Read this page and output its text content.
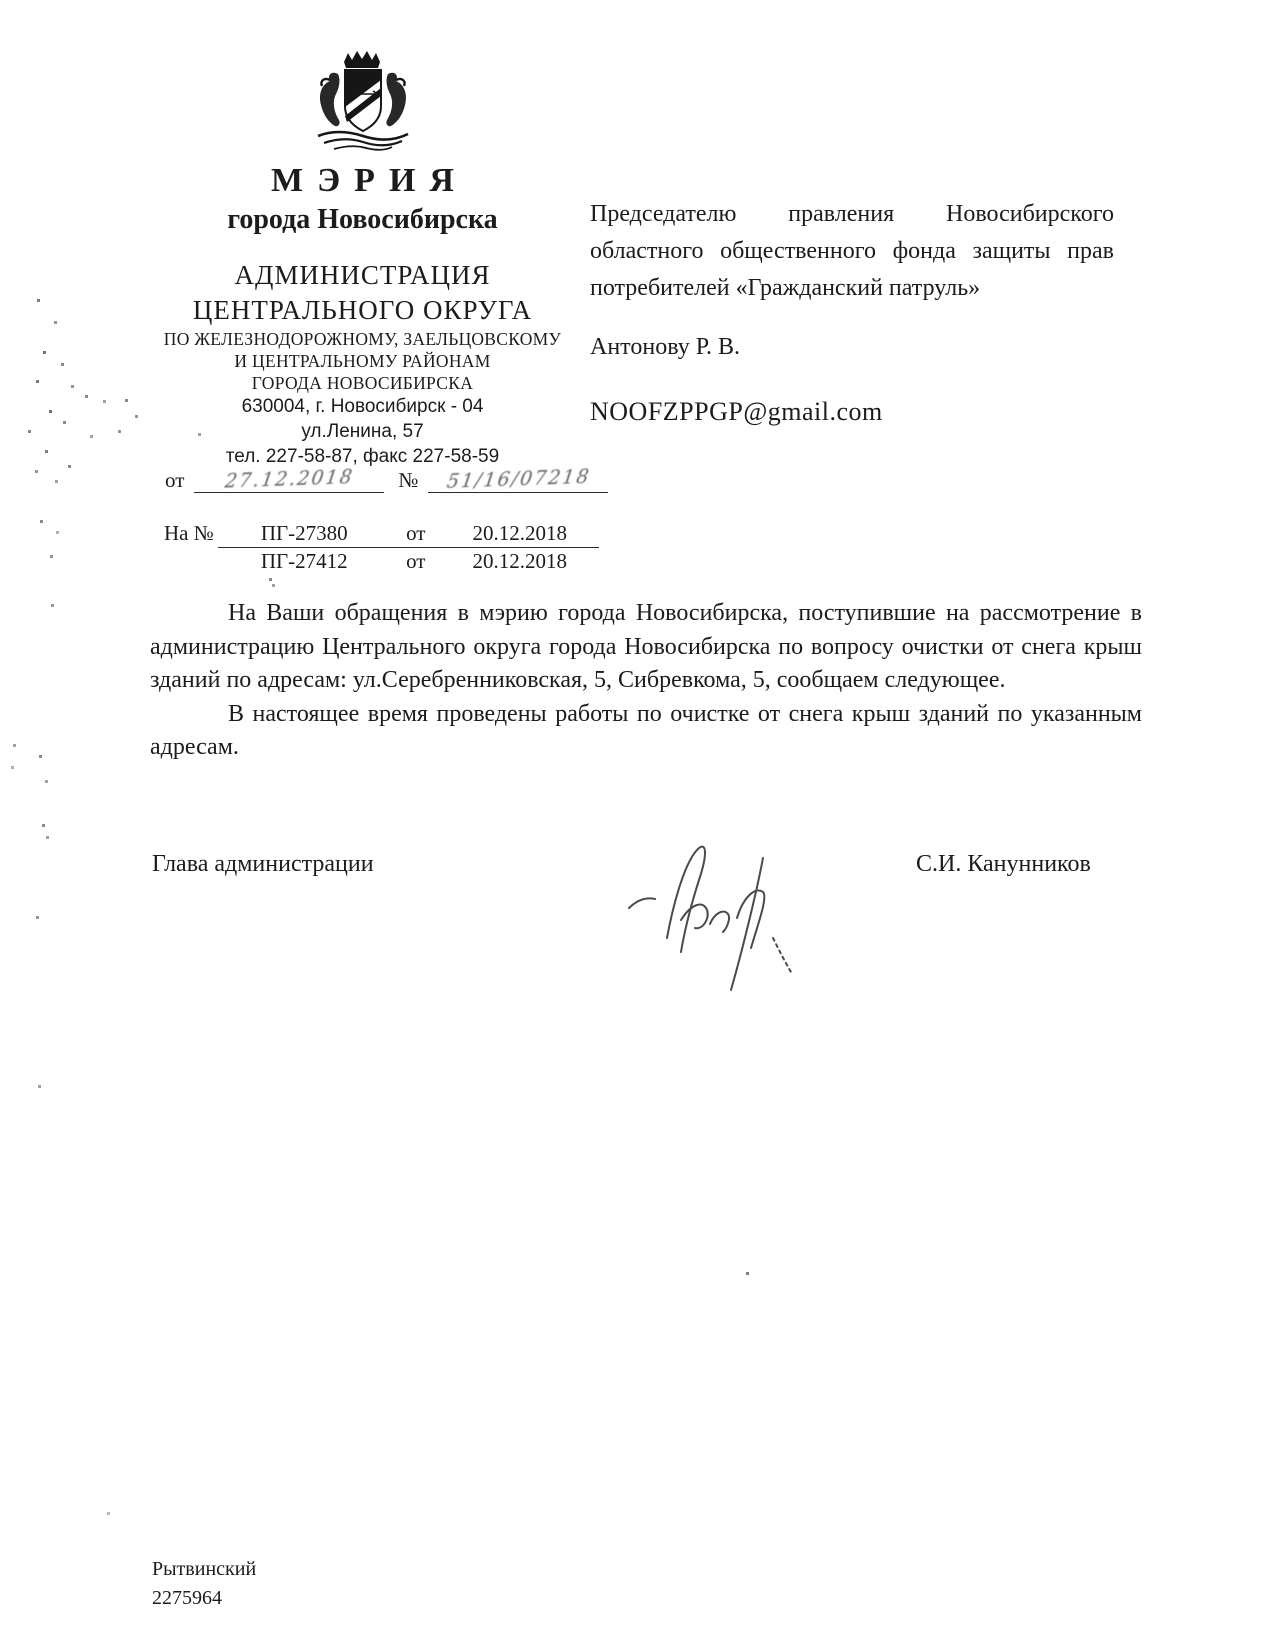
МЭРИЯ
города Новосибирска
АДМИНИСТРАЦИЯ
ЦЕНТРАЛЬНОГО ОКРУГА
ПО ЖЕЛЕЗНОДОРОЖНОМУ, ЗАЕЛЬЦОВСКОМУ
И ЦЕНТРАЛЬНОМУ РАЙОНАМ
ГОРОДА НОВОСИБИРСКА
630004, г. Новосибирск - 04
ул.Ленина, 57
тел. 227-58-87, факс 227-58-59
от 27.12.2018 № 51/16/07218
На №	ПГ-27380	от	20.12.2018
	ПГ-27412	от	20.12.2018
Председателю правления Новосибирского областного общественного фонда защиты прав потребителей «Гражданский патруль»
Антонову Р. В.
NOOFZPPGP@gmail.com

На Ваши обращения в мэрию города Новосибирска, поступившие на рассмотрение в администрацию Центрального округа города Новосибирска по вопросу очистки от снега крыш зданий по адресам: ул.Серебренниковская, 5, Сибревкома, 5, сообщаем следующее.

В настоящее время проведены работы по очистке от снега крыш зданий по указанным адресам.

Глава администрации	С.И. Канунников
Рытвинский
2275964
